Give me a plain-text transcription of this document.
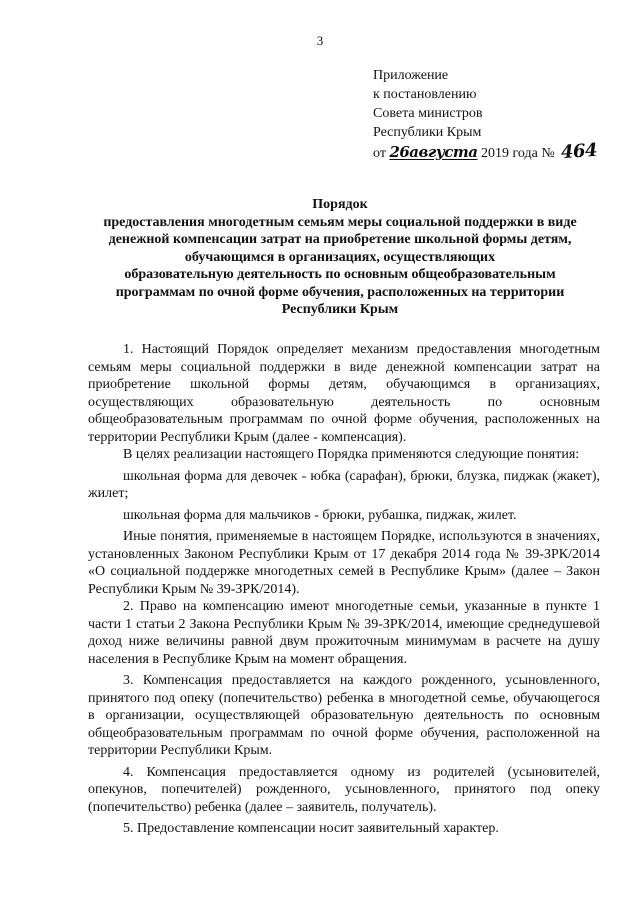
3
Приложение
к постановлению
Совета министров
Республики Крым
от 26августа 2019 года № 464
Порядок
предоставления многодетным семьям меры социальной поддержки в виде
денежной компенсации затрат на приобретение школьной формы детям,
обучающимся в организациях, осуществляющих
образовательную деятельность по основным общеобразовательным
программам по очной форме обучения, расположенных на территории
Республики Крым

1. Настоящий Порядок определяет механизм предоставления многодетным семьям меры социальной поддержки в виде денежной компенсации затрат на приобретение школьной формы детям, обучающимся в организациях, осуществляющих образовательную деятельность по основным общеобразовательным программам по очной форме обучения, расположенных на территории Республики Крым (далее - компенсация).

В целях реализации настоящего Порядка применяются следующие понятия:

школьная форма для девочек - юбка (сарафан), брюки, блузка, пиджак (жакет), жилет;

школьная форма для мальчиков - брюки, рубашка, пиджак, жилет.

Иные понятия, применяемые в настоящем Порядке, используются в значениях, установленных Законом Республики Крым от 17 декабря 2014 года № 39-ЗРК/2014 «О социальной поддержке многодетных семей в Республике Крым» (далее – Закон Республики Крым № 39-ЗРК/2014).

2. Право на компенсацию имеют многодетные семьи, указанные в пункте 1 части 1 статьи 2 Закона Республики Крым № 39-ЗРК/2014, имеющие среднедушевой доход ниже величины равной двум прожиточным минимумам в расчете на душу населения в Республике Крым на момент обращения.

3. Компенсация предоставляется на каждого рожденного, усыновленного, принятого под опеку (попечительство) ребенка в многодетной семье, обучающегося в организации, осуществляющей образовательную деятельность по основным общеобразовательным программам по очной форме обучения, расположенной на территории Республики Крым.

4. Компенсация предоставляется одному из родителей (усыновителей, опекунов, попечителей) рожденного, усыновленного, принятого под опеку (попечительство) ребенка (далее – заявитель, получатель).

5. Предоставление компенсации носит заявительный характер.
